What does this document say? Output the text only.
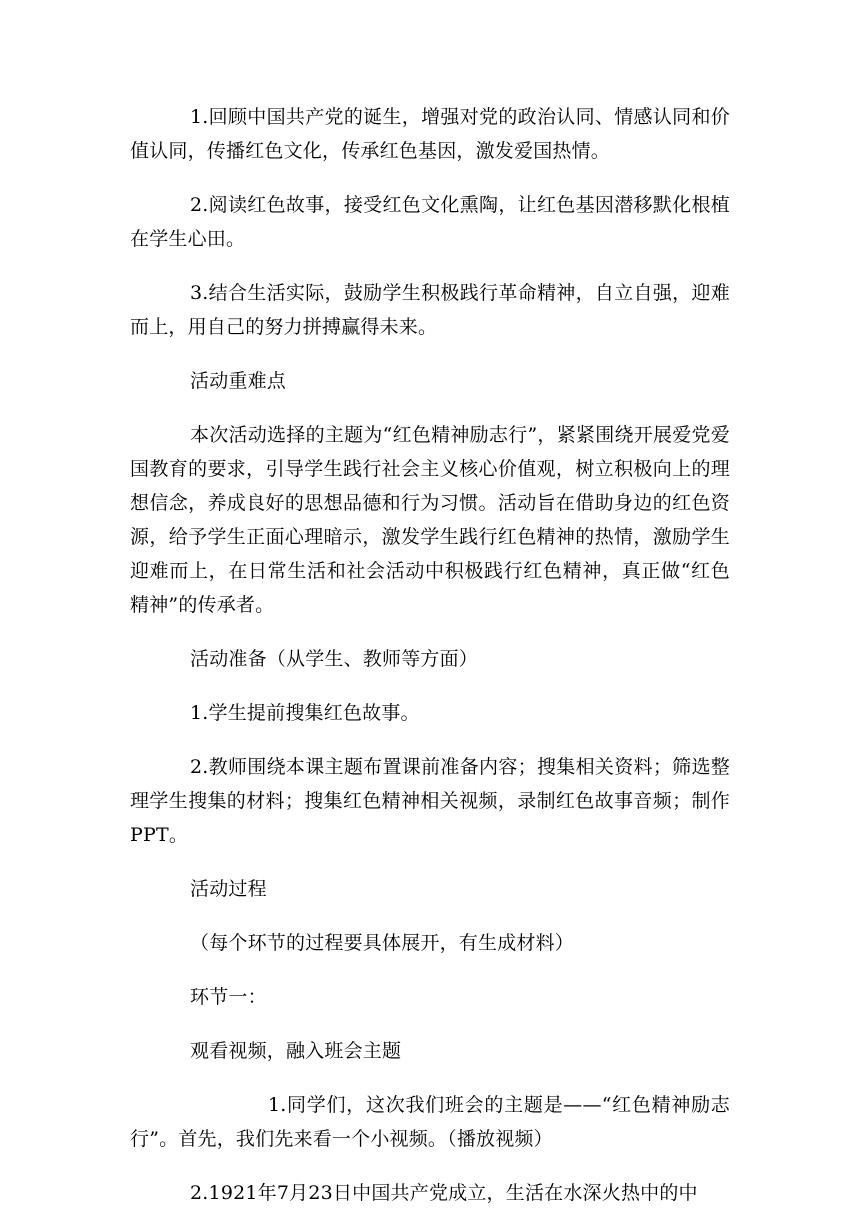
1.回顾中国共产党的诞生，增强对党的政治认同、情感认同和价值认同，传播红色文化，传承红色基因，激发爱国热情。

2.阅读红色故事，接受红色文化熏陶，让红色基因潜移默化根植在学生心田。

3.结合生活实际，鼓励学生积极践行革命精神，自立自强，迎难而上，用自己的努力拼搏赢得未来。

活动重难点

本次活动选择的主题为“红色精神励志行”，紧紧围绕开展爱党爱国教育的要求，引导学生践行社会主义核心价值观，树立积极向上的理想信念，养成良好的思想品德和行为习惯。活动旨在借助身边的红色资源，给予学生正面心理暗示，激发学生践行红色精神的热情，激励学生迎难而上，在日常生活和社会活动中积极践行红色精神，真正做“红色精神”的传承者。

活动准备（从学生、教师等方面）

1.学生提前搜集红色故事。

2.教师围绕本课主题布置课前准备内容；搜集相关资料；筛选整理学生搜集的材料；搜集红色精神相关视频，录制红色故事音频；制作PPT。

活动过程

（每个环节的过程要具体展开，有生成材料）

环节一：

观看视频，融入班会主题

1.同学们，这次我们班会的主题是——“红色精神励志行”。首先，我们先来看一个小视频。（播放视频）

2.1921年7月23日中国共产党成立，生活在水深火热中的中
